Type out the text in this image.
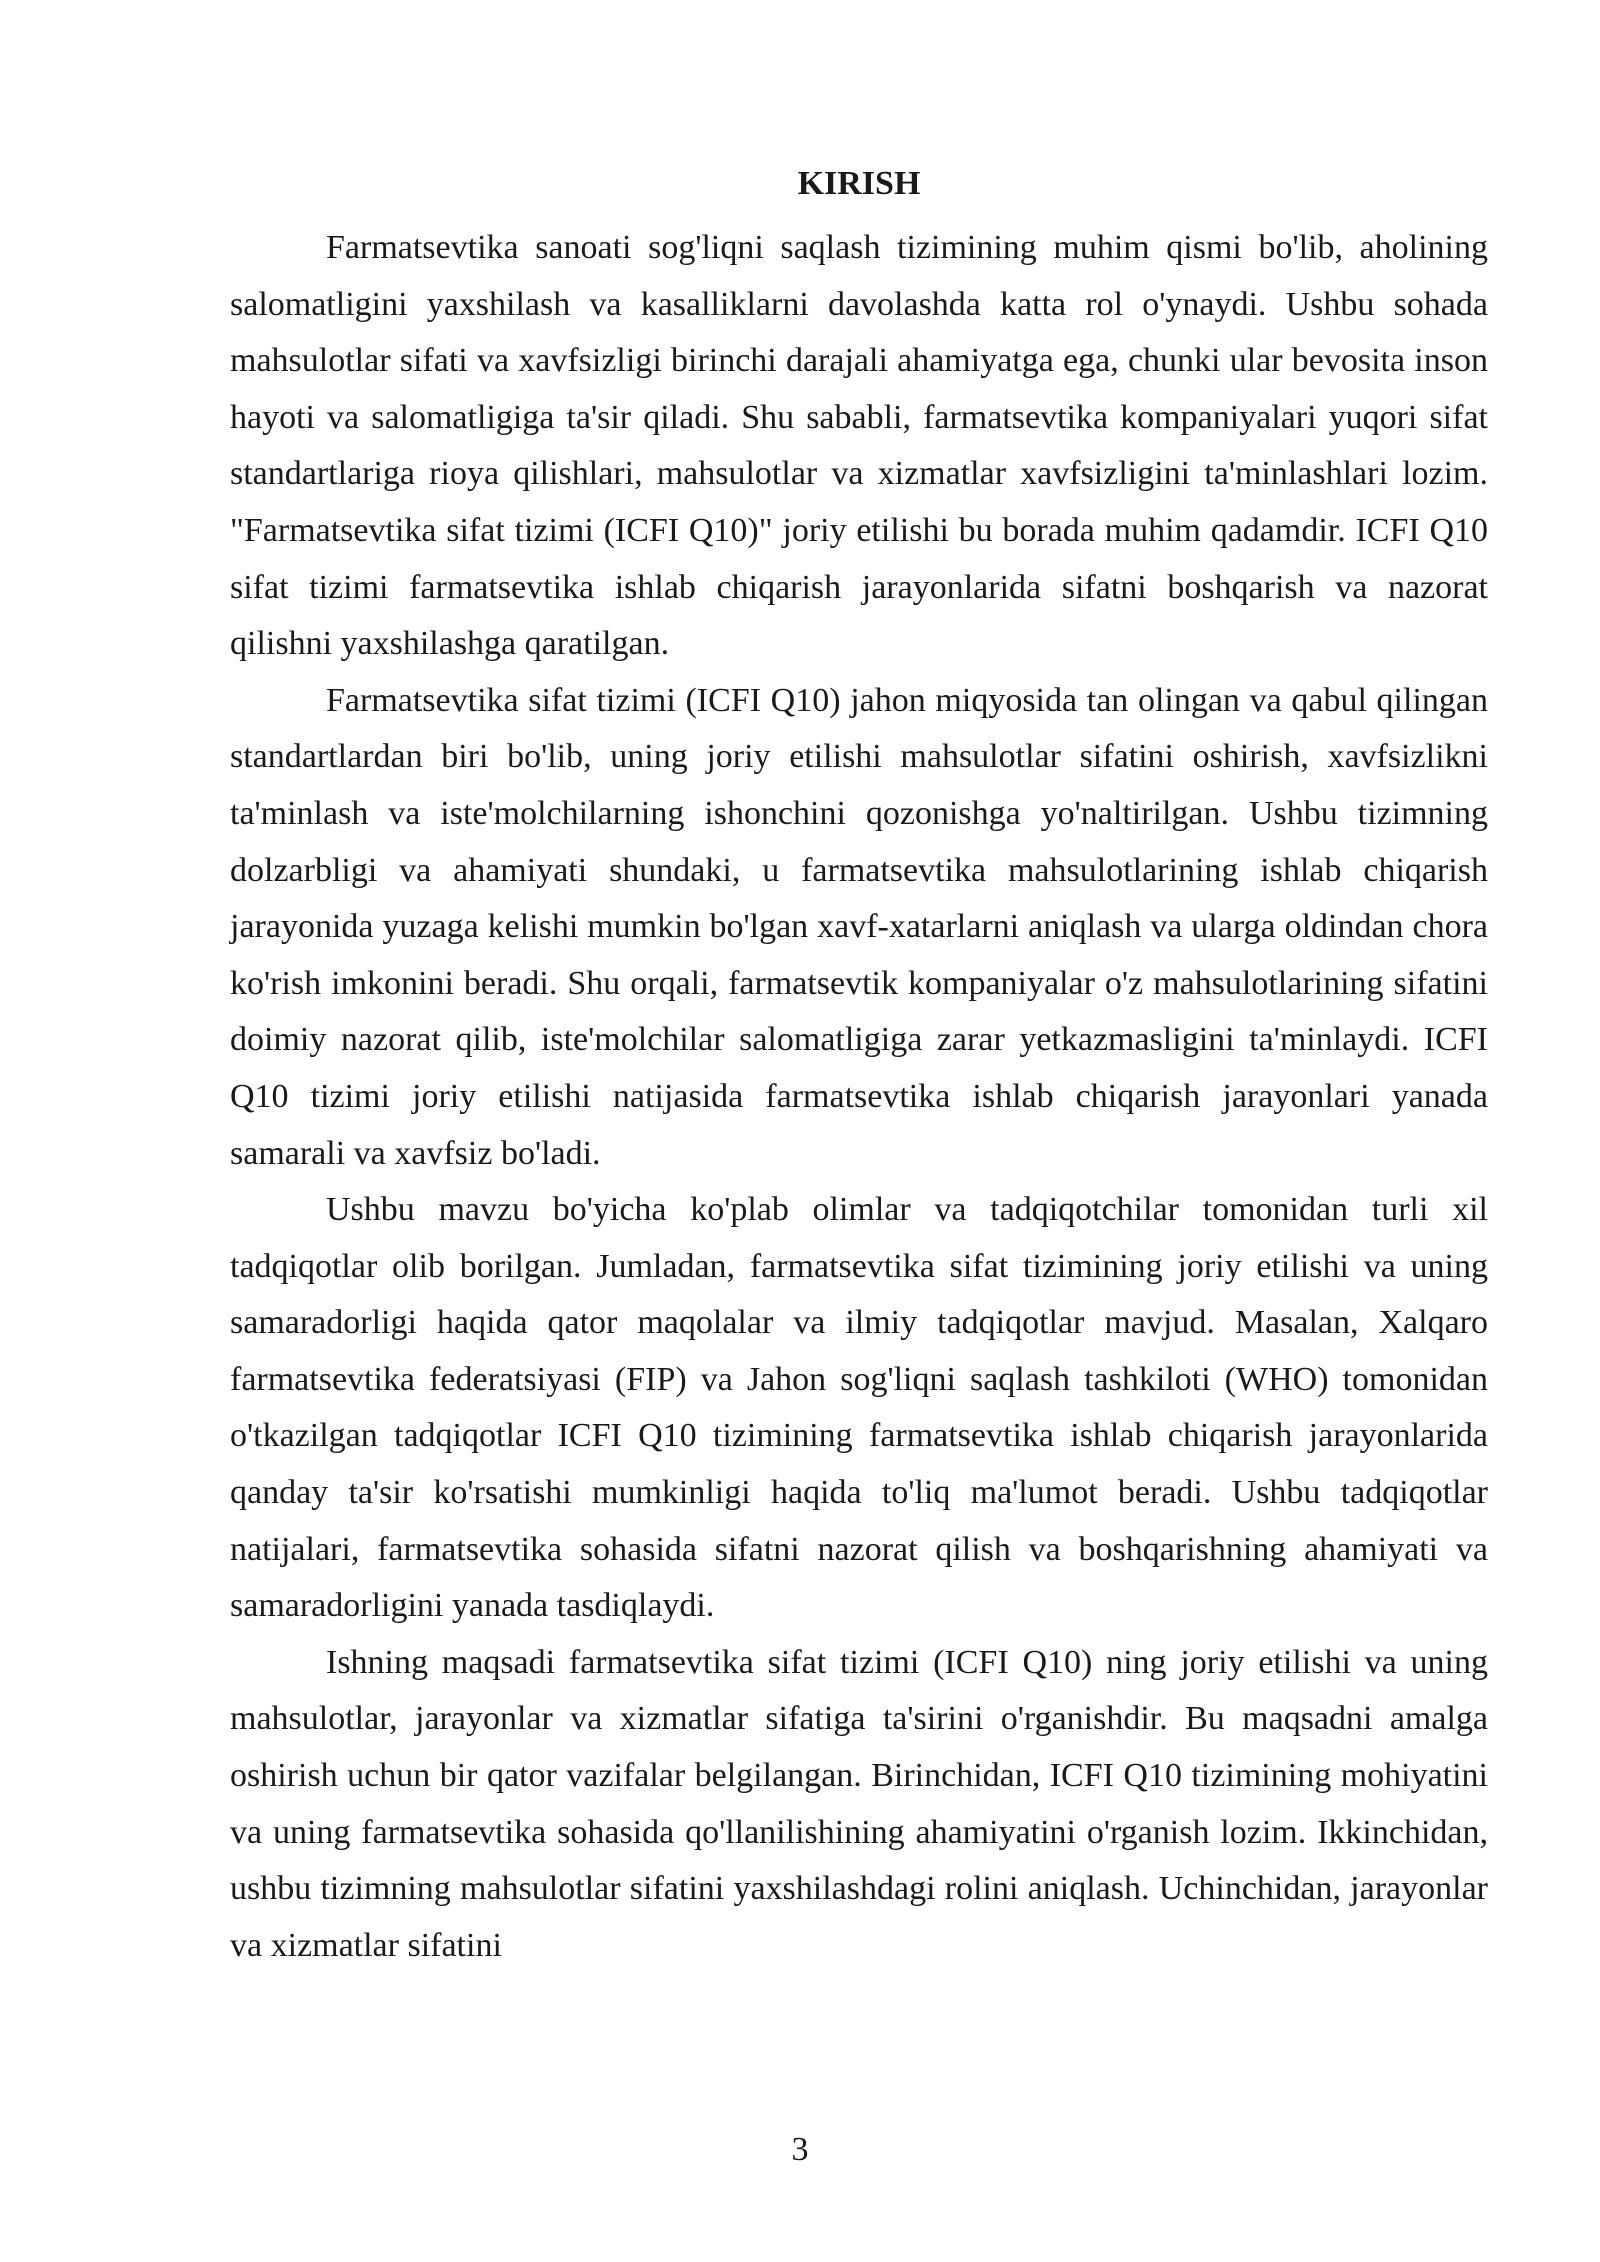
KIRISH

Farmatsevtika sanoati sog'liqni saqlash tizimining muhim qismi bo'lib, aholining salomatligini yaxshilash va kasalliklarni davolashda katta rol o'ynaydi. Ushbu sohada mahsulotlar sifati va xavfsizligi birinchi darajali ahamiyatga ega, chunki ular bevosita inson hayoti va salomatligiga ta'sir qiladi. Shu sababli, farmatsevtika kompaniyalari yuqori sifat standartlariga rioya qilishlari, mahsulotlar va xizmatlar xavfsizligini ta'minlashlari lozim. "Farmatsevtika sifat tizimi (ICFI Q10)" joriy etilishi bu borada muhim qadamdir. ICFI Q10 sifat tizimi farmatsevtika ishlab chiqarish jarayonlarida sifatni boshqarish va nazorat qilishni yaxshilashga qaratilgan.

Farmatsevtika sifat tizimi (ICFI Q10) jahon miqyosida tan olingan va qabul qilingan standartlardan biri bo'lib, uning joriy etilishi mahsulotlar sifatini oshirish, xavfsizlikni ta'minlash va iste'molchilarning ishonchini qozonishga yo'naltirilgan. Ushbu tizimning dolzarbligi va ahamiyati shundaki, u farmatsevtika mahsulotlarining ishlab chiqarish jarayonida yuzaga kelishi mumkin bo'lgan xavf-xatarlarni aniqlash va ularga oldindan chora ko'rish imkonini beradi. Shu orqali, farmatsevtik kompaniyalar o'z mahsulotlarining sifatini doimiy nazorat qilib, iste'molchilar salomatligiga zarar yetkazmasligini ta'minlaydi. ICFI Q10 tizimi joriy etilishi natijasida farmatsevtika ishlab chiqarish jarayonlari yanada samarali va xavfsiz bo'ladi.

Ushbu mavzu bo'yicha ko'plab olimlar va tadqiqotchilar tomonidan turli xil tadqiqotlar olib borilgan. Jumladan, farmatsevtika sifat tizimining joriy etilishi va uning samaradorligi haqida qator maqolalar va ilmiy tadqiqotlar mavjud. Masalan, Xalqaro farmatsevtika federatsiyasi (FIP) va Jahon sog'liqni saqlash tashkiloti (WHO) tomonidan o'tkazilgan tadqiqotlar ICFI Q10 tizimining farmatsevtika ishlab chiqarish jarayonlarida qanday ta'sir ko'rsatishi mumkinligi haqida to'liq ma'lumot beradi. Ushbu tadqiqotlar natijalari, farmatsevtika sohasida sifatni nazorat qilish va boshqarishning ahamiyati va samaradorligini yanada tasdiqlaydi.

Ishning maqsadi farmatsevtika sifat tizimi (ICFI Q10) ning joriy etilishi va uning mahsulotlar, jarayonlar va xizmatlar sifatiga ta'sirini o'rganishdir. Bu maqsadni amalga oshirish uchun bir qator vazifalar belgilangan. Birinchidan, ICFI Q10 tizimining mohiyatini va uning farmatsevtika sohasida qo'llanilishining ahamiyatini o'rganish lozim. Ikkinchidan, ushbu tizimning mahsulotlar sifatini yaxshilashdagi rolini aniqlash. Uchinchidan, jarayonlar va xizmatlar sifatini

3
